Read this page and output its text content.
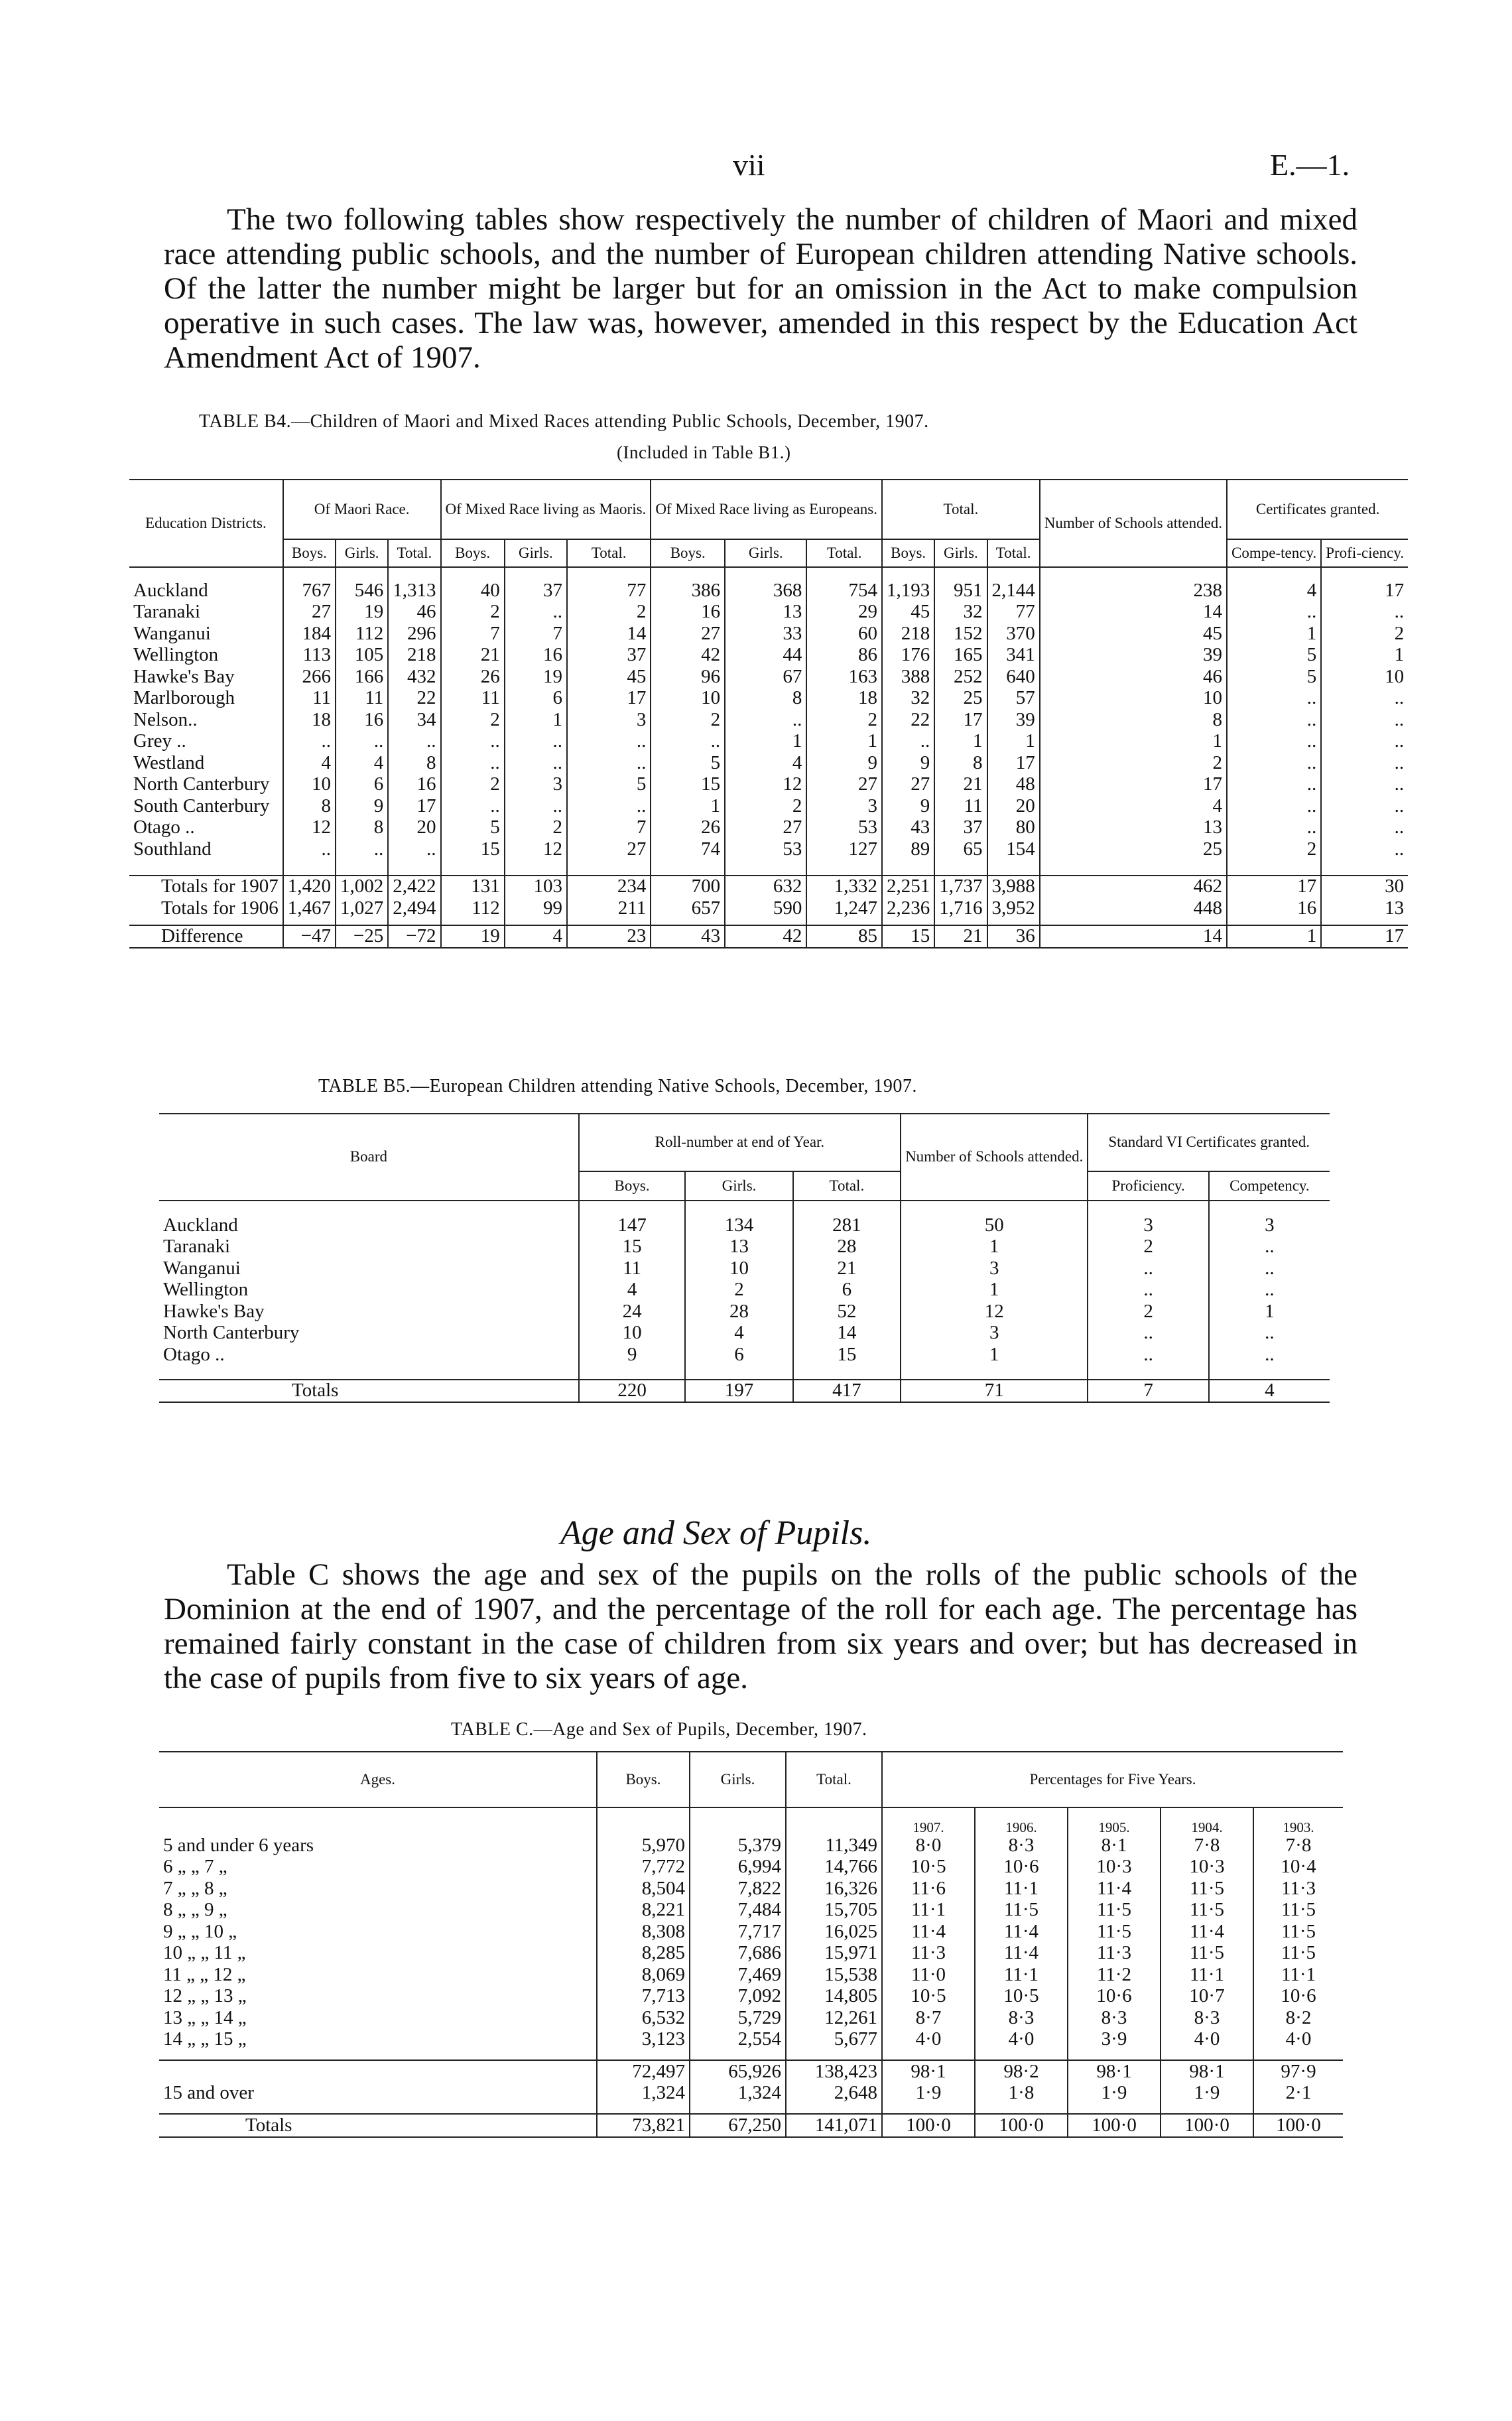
vii	E.—1.
The two following tables show respectively the number of children of Maori and mixed race attending public schools, and the number of European children attending Native schools. Of the latter the number might be larger but for an omission in the Act to make compulsion operative in such cases. The law was, however, amended in this respect by the Education Act Amendment Act of 1907.
TABLE B4.—Children of Maori and Mixed Races attending Public Schools, December, 1907.
(Included in Table B1.)
Education Districts.	Of Maori Race.			Of Mixed Race living as Maoris.			Of Mixed Race living as Europeans.			Total.			Number of Schools attended.	Certificates granted.	
	Boys.	Girls.	Total.	Boys.	Girls.	Total.	Boys.	Girls.	Total.	Boys.	Girls.	Total.		Compe-tency.	Profi-ciency.

Auckland	767	546	1,313	40	37	77	386	368	754	1,193	951	2,144	238	4	17
Taranaki	27	19	46	2	..	2	16	13	29	45	32	77	14	..	..
Wanganui	184	112	296	7	7	14	27	33	60	218	152	370	45	1	2
Wellington	113	105	218	21	16	37	42	44	86	176	165	341	39	5	1
Hawke's Bay	266	166	432	26	19	45	96	67	163	388	252	640	46	5	10
Marlborough	11	11	22	11	6	17	10	8	18	32	25	57	10	..	..
Nelson..	18	16	34	2	1	3	2	..	2	22	17	39	8	..	..
Grey ..	..	..	..	..	..	..	..	1	1	..	1	1	1	..	..
Westland	4	4	8	..	..	..	5	4	9	9	8	17	2	..	..
North Canterbury	10	6	16	2	3	5	15	12	27	27	21	48	17	..	..
South Canterbury	8	9	17	..	..	..	1	2	3	9	11	20	4	..	..
Otago ..	12	8	20	5	2	7	26	27	53	43	37	80	13	..	..
Southland	..	..	..	15	12	27	74	53	127	89	65	154	25	2	..

Totals for 1907	1,420	1,002	2,422	131	103	234	700	632	1,332	2,251	1,737	3,988	462	17	30
Totals for 1906	1,467	1,027	2,494	112	99	211	657	590	1,247	2,236	1,716	3,952	448	16	13

Difference	−47	−25	−72	19	4	23	43	42	85	15	21	36	14	1	17
TABLE B5.—European Children attending Native Schools, December, 1907.
Board	Roll-number at end of Year.			Number of Schools attended.	Standard VI Certificates granted.	
	Boys.	Girls.	Total.		Proficiency.	Competency.

Auckland	147	134	281	50	3	3
Taranaki	15	13	28	1	2	..
Wanganui	11	10	21	3	..	..
Wellington	4	2	6	1	..	..
Hawke's Bay	24	28	52	12	2	1
North Canterbury	10	4	14	3	..	..
Otago ..	9	6	15	1	..	..

Totals	220	197	417	71	7	4
Age and Sex of Pupils.
Table C shows the age and sex of the pupils on the rolls of the public schools of the Dominion at the end of 1907, and the percentage of the roll for each age. The percentage has remained fairly constant in the case of children from six years and over; but has decreased in the case of pupils from five to six years of age.
TABLE C.—Age and Sex of Pupils, December, 1907.
Ages.	Boys.	Girls.	Total.	Percentages for Five Years.				
				1907.	1906.	1905.	1904.	1903.
5 and under 6 years	5,970	5,379	11,349	8·0	8·3	8·1	7·8	7·8
6 „ „ 7 „	7,772	6,994	14,766	10·5	10·6	10·3	10·3	10·4
7 „ „ 8 „	8,504	7,822	16,326	11·6	11·1	11·4	11·5	11·3
8 „ „ 9 „	8,221	7,484	15,705	11·1	11·5	11·5	11·5	11·5
9 „ „ 10 „	8,308	7,717	16,025	11·4	11·4	11·5	11·4	11·5
10 „ „ 11 „	8,285	7,686	15,971	11·3	11·4	11·3	11·5	11·5
11 „ „ 12 „	8,069	7,469	15,538	11·0	11·1	11·2	11·1	11·1
12 „ „ 13 „	7,713	7,092	14,805	10·5	10·5	10·6	10·7	10·6
13 „ „ 14 „	6,532	5,729	12,261	8·7	8·3	8·3	8·3	8·2
14 „ „ 15 „	3,123	2,554	5,677	4·0	4·0	3·9	4·0	4·0

	72,497	65,926	138,423	98·1	98·2	98·1	98·1	97·9
15 and over	1,324	1,324	2,648	1·9	1·8	1·9	1·9	2·1

Totals	73,821	67,250	141,071	100·0	100·0	100·0	100·0	100·0
